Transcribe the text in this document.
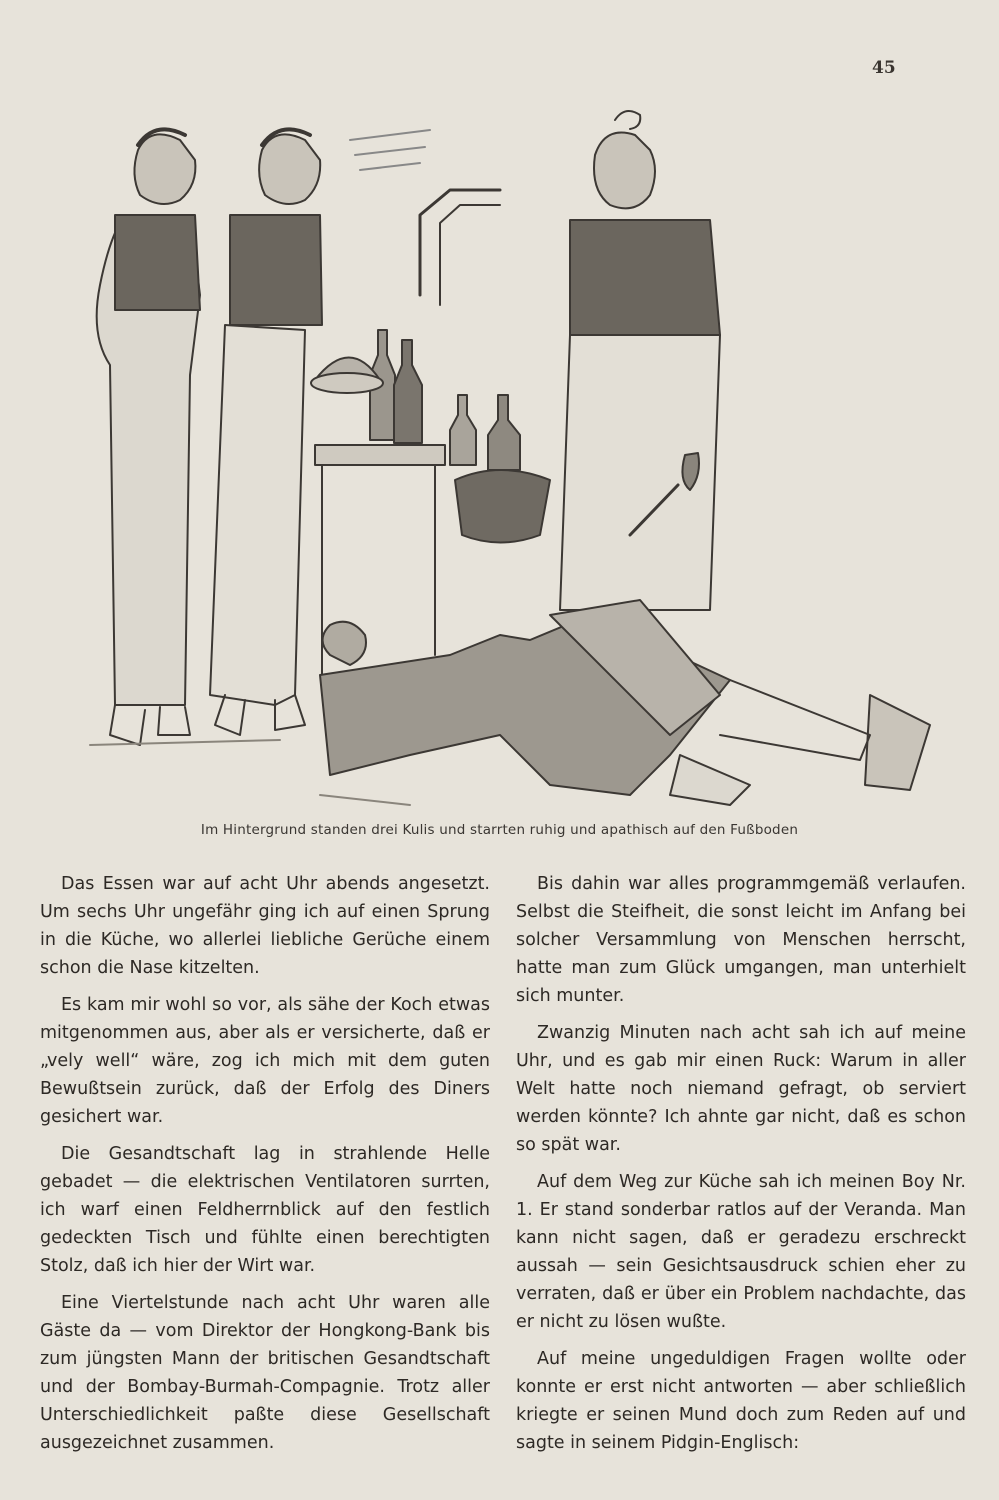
45
Im Hintergrund standen drei Kulis und starrten ruhig und apathisch auf den Fußboden

Das Essen war auf acht Uhr abends angesetzt. Um sechs Uhr ungefähr ging ich auf einen Sprung in die Küche, wo allerlei liebliche Gerüche einem schon die Nase kitzelten.

Es kam mir wohl so vor, als sähe der Koch etwas mitgenommen aus, aber als er versicherte, daß er „vely well“ wäre, zog ich mich mit dem guten Bewußtsein zurück, daß der Erfolg des Diners gesichert war.

Die Gesandtschaft lag in strahlende Helle gebadet — die elektrischen Ventilatoren surrten, ich warf einen Feldherrnblick auf den festlich gedeckten Tisch und fühlte einen berechtigten Stolz, daß ich hier der Wirt war.

Eine Viertelstunde nach acht Uhr waren alle Gäste da — vom Direktor der Hongkong-Bank bis zum jüngsten Mann der britischen Gesandtschaft und der Bombay-Burmah-Compagnie. Trotz aller Unterschiedlichkeit paßte diese Gesellschaft ausgezeichnet zusammen.

Bis dahin war alles programmgemäß verlaufen. Selbst die Steifheit, die sonst leicht im Anfang bei solcher Versammlung von Menschen herrscht, hatte man zum Glück umgangen, man unterhielt sich munter.

Zwanzig Minuten nach acht sah ich auf meine Uhr, und es gab mir einen Ruck: Warum in aller Welt hatte noch niemand gefragt, ob serviert werden könnte? Ich ahnte gar nicht, daß es schon so spät war.

Auf dem Weg zur Küche sah ich meinen Boy Nr. 1. Er stand sonderbar ratlos auf der Veranda. Man kann nicht sagen, daß er geradezu erschreckt aussah — sein Gesichtsausdruck schien eher zu verraten, daß er über ein Problem nachdachte, das er nicht zu lösen wußte.

Auf meine ungeduldigen Fragen wollte oder konnte er erst nicht antworten — aber schließlich kriegte er seinen Mund doch zum Reden auf und sagte in seinem Pidgin-Englisch:
